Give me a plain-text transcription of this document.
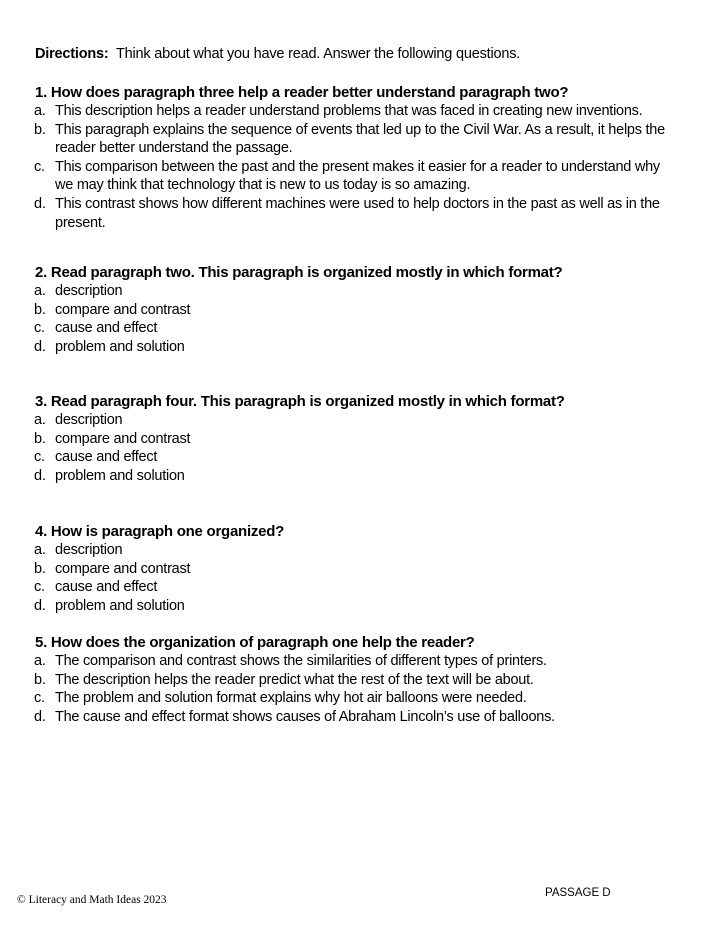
Directions: Think about what you have read. Answer the following questions.
1. How does paragraph three help a reader better understand paragraph two?
a. This description helps a reader understand problems that was faced in creating new inventions.
b. This paragraph explains the sequence of events that led up to the Civil War. As a result, it helps the reader better understand the passage.
c. This comparison between the past and the present makes it easier for a reader to understand why we may think that technology that is new to us today is so amazing.
d. This contrast shows how different machines were used to help doctors in the past as well as in the present.
2. Read paragraph two. This paragraph is organized mostly in which format?
a. description
b. compare and contrast
c. cause and effect
d. problem and solution
3. Read paragraph four. This paragraph is organized mostly in which format?
a. description
b. compare and contrast
c. cause and effect
d. problem and solution
4. How is paragraph one organized?
a. description
b. compare and contrast
c. cause and effect
d. problem and solution
5. How does the organization of paragraph one help the reader?
a. The comparison and contrast shows the similarities of different types of printers.
b. The description helps the reader predict what the rest of the text will be about.
c. The problem and solution format explains why hot air balloons were needed.
d. The cause and effect format shows causes of Abraham Lincoln’s use of balloons.
© Literacy and Math Ideas 2023
PASSAGE D
